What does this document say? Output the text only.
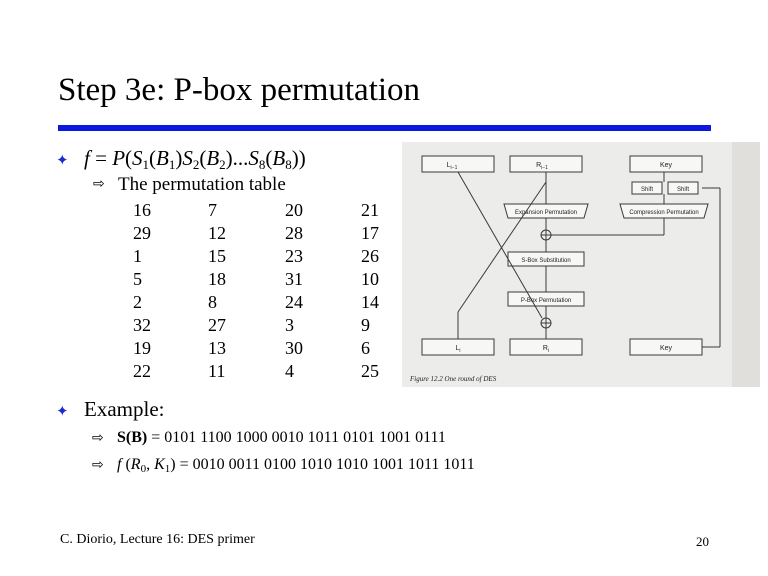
Step 3e: P-box permutation
✦ $f = P(S_1(B_1)S_2(B_2)...S_8(B_8))$
⇨ The permutation table
16	7	20	21
29	12	28	17
1	15	23	26
5	18	31	10
2	8	24	14
32	27	3	9
19	13	30	6
22	11	4	25
$L_{i-1}$	$R_{i-1}$	Key
Shift	Shift
Expansion Permutation	Compression Permutation
S-Box Substitution
P-Box Permutation
$L_i$	$R_i$	Key
Figure 12.2 One round of DES
✦ Example:
⇨ S(B) = 0101 1100 1000 0010 1011 0101 1001 0111
⇨ f ($R_0$, $K_1) = 0010$ 0011 0100 1010 1010 1001 1011 1011
C. Diorio, Lecture 16: DES primer	20
